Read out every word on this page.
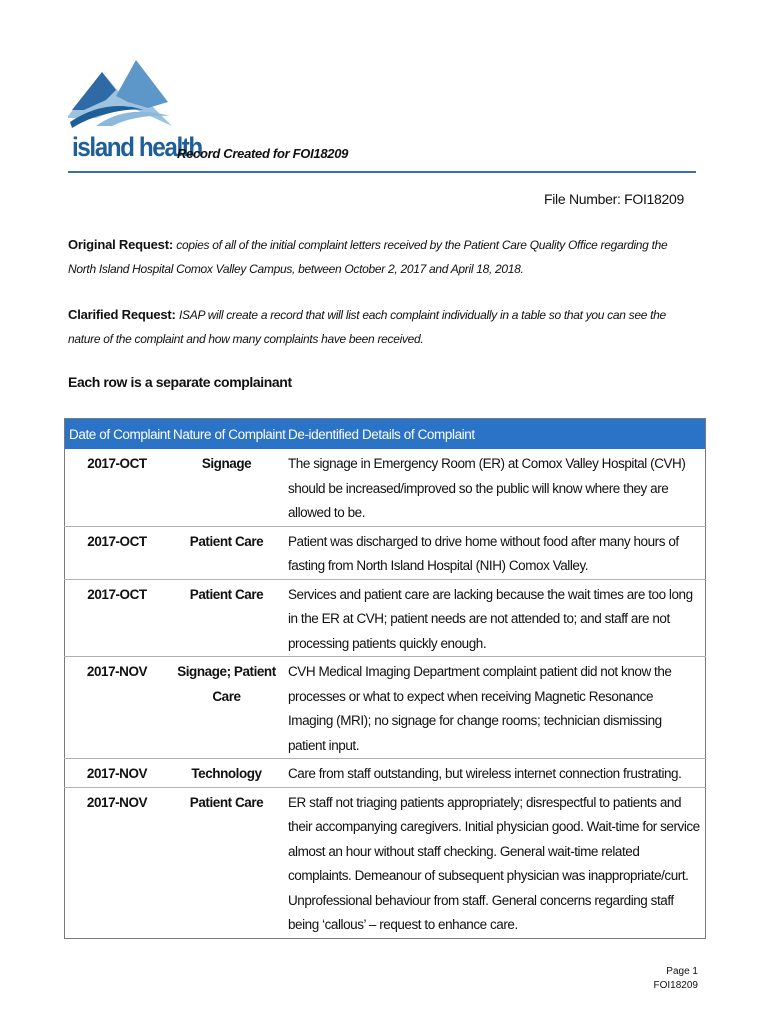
island health
Record Created for FOI18209
File Number: FOI18209
Original Request: copies of all of the initial complaint letters received by the Patient Care Quality Office regarding the North Island Hospital Comox Valley Campus, between October 2, 2017 and April 18, 2018.
Clarified Request: ISAP will create a record that will list each complaint individually in a table so that you can see the nature of the complaint and how many complaints have been received.
Each row is a separate complainant
Date of Complaint	Nature of Complaint	De-identified Details of Complaint
2017-OCT	Signage	The signage in Emergency Room (ER) at Comox Valley Hospital (CVH) should be increased/improved so the public will know where they are allowed to be.
2017-OCT	Patient Care	Patient was discharged to drive home without food after many hours of fasting from North Island Hospital (NIH) Comox Valley.
2017-OCT	Patient Care	Services and patient care are lacking because the wait times are too long in the ER at CVH; patient needs are not attended to; and staff are not processing patients quickly enough.
2017-NOV	Signage; Patient Care	CVH Medical Imaging Department complaint patient did not know the processes or what to expect when receiving Magnetic Resonance Imaging (MRI); no signage for change rooms; technician dismissing patient input.
2017-NOV	Technology	Care from staff outstanding, but wireless internet connection frustrating.
2017-NOV	Patient Care	ER staff not triaging patients appropriately; disrespectful to patients and their accompanying caregivers. Initial physician good. Wait-time for service almost an hour without staff checking. General wait-time related complaints. Demeanour of subsequent physician was inappropriate/curt. Unprofessional behaviour from staff. General concerns regarding staff being ‘callous’ – request to enhance care.
Page 1
FOI18209
